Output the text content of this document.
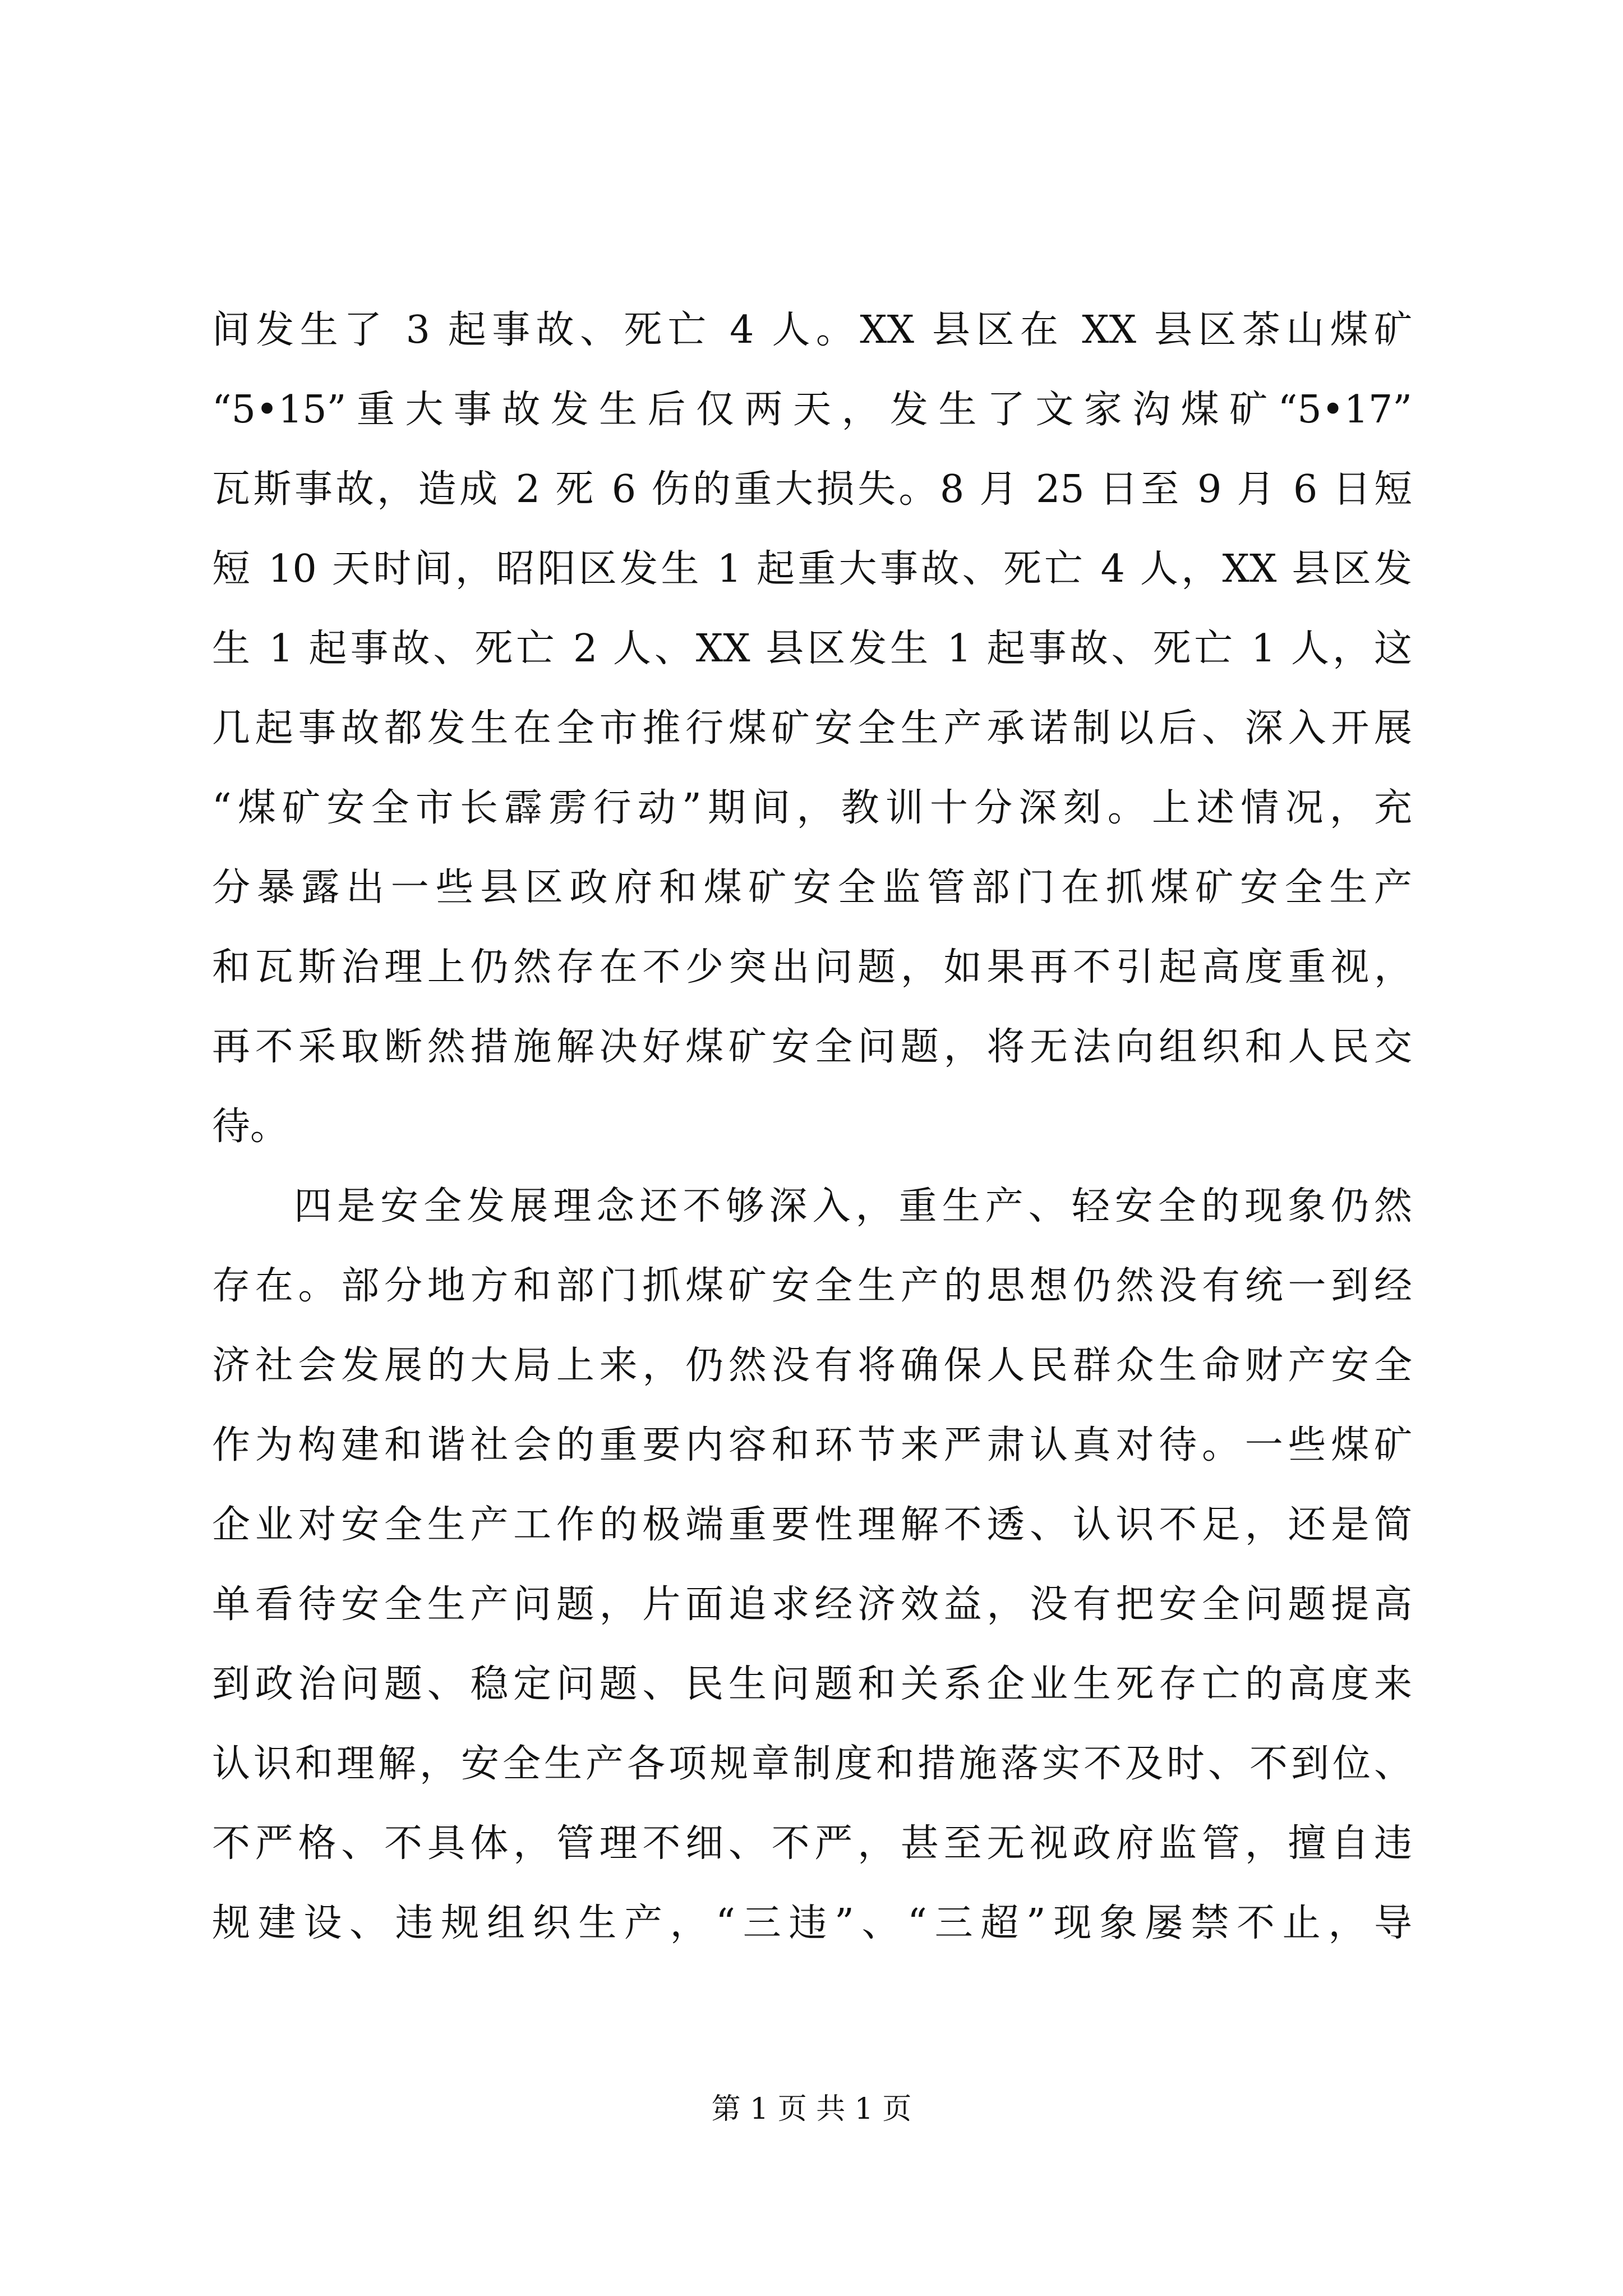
间发生了 3 起事故、死亡 4 人。XX 县区在 XX 县区茶山煤矿
“5•15”重大事故发生后仅两天，发生了文家沟煤矿“5•17”
瓦斯事故，造成 2 死 6 伤的重大损失。8 月 25 日至 9 月 6 日短
短 10 天时间，昭阳区发生 1 起重大事故、死亡 4 人，XX 县区发
生 1 起事故、死亡 2 人、XX 县区发生 1 起事故、死亡 1 人，这
几起事故都发生在全市推行煤矿安全生产承诺制以后、深入开展
“煤矿安全市长霹雳行动”期间，教训十分深刻。上述情况，充
分暴露出一些县区政府和煤矿安全监管部门在抓煤矿安全生产
和瓦斯治理上仍然存在不少突出问题，如果再不引起高度重视，
再不采取断然措施解决好煤矿安全问题，将无法向组织和人民交
待。
四是安全发展理念还不够深入，重生产、轻安全的现象仍然
存在。部分地方和部门抓煤矿安全生产的思想仍然没有统一到经
济社会发展的大局上来，仍然没有将确保人民群众生命财产安全
作为构建和谐社会的重要内容和环节来严肃认真对待。一些煤矿
企业对安全生产工作的极端重要性理解不透、认识不足，还是简
单看待安全生产问题，片面追求经济效益，没有把安全问题提高
到政治问题、稳定问题、民生问题和关系企业生死存亡的高度来
认识和理解，安全生产各项规章制度和措施落实不及时、不到位、
不严格、不具体，管理不细、不严，甚至无视政府监管，擅自违
规建设、违规组织生产，“三违”、“三超”现象屡禁不止，导
第 1 页 共 1 页
